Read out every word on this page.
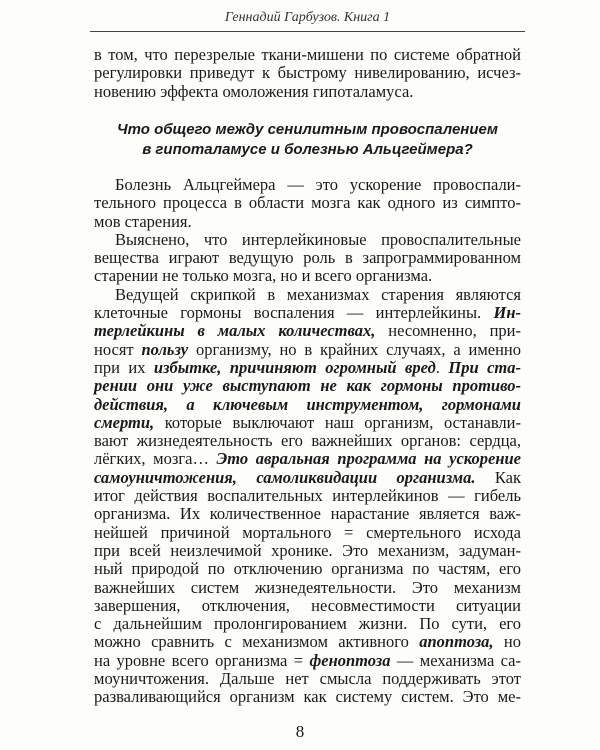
Геннадий Гарбузов. Книга 1
в том, что перезрелые ткани-мишени по системе обратной
регулировки приведут к быстрому нивелированию, исчез-
новению эффекта омоложения гипоталамуса.
Что общего между сенилитным провоспалением
в гипоталамусе и болезнью Альцгеймера?
Болезнь Альцгеймера — это ускорение провоспали-
тельного процесса в области мозга как одного из симпто-
мов старения.
Выяснено, что интерлейкиновые провоспалительные
вещества играют ведущую роль в запрограммированном
старении не только мозга, но и всего организма.
Ведущей скрипкой в механизмах старения являются
клеточные гормоны воспаления — интерлейкины. Ин-
терлейкины в малых количествах, несомненно, при-
носят пользу организму, но в крайних случаях, а именно
при их избытке, причиняют огромный вред. При ста-
рении они уже выступают не как гормоны противо-
действия, а ключевым инструментом, гормонами
смерти, которые выключают наш организм, останавли-
вают жизнедеятельность его важнейших органов: сердца,
лёгких, мозга… Это авральная программа на ускорение
самоуничтожения, самоликвидации организма. Как
итог действия воспалительных интерлейкинов — гибель
организма. Их количественное нарастание является важ-
нейшей причиной мортального = смертельного исхода
при всей неизлечимой хронике. Это механизм, задуман-
ный природой по отключению организма по частям, его
важнейших систем жизнедеятельности. Это механизм
завершения, отключения, несовместимости ситуации
с дальнейшим пролонгированием жизни. По сути, его
можно сравнить с механизмом активного апоптоза, но
на уровне всего организма = феноптоза — механизма са-
моуничтожения. Дальше нет смысла поддерживать этот
разваливающийся организм как систему систем. Это ме-
8
